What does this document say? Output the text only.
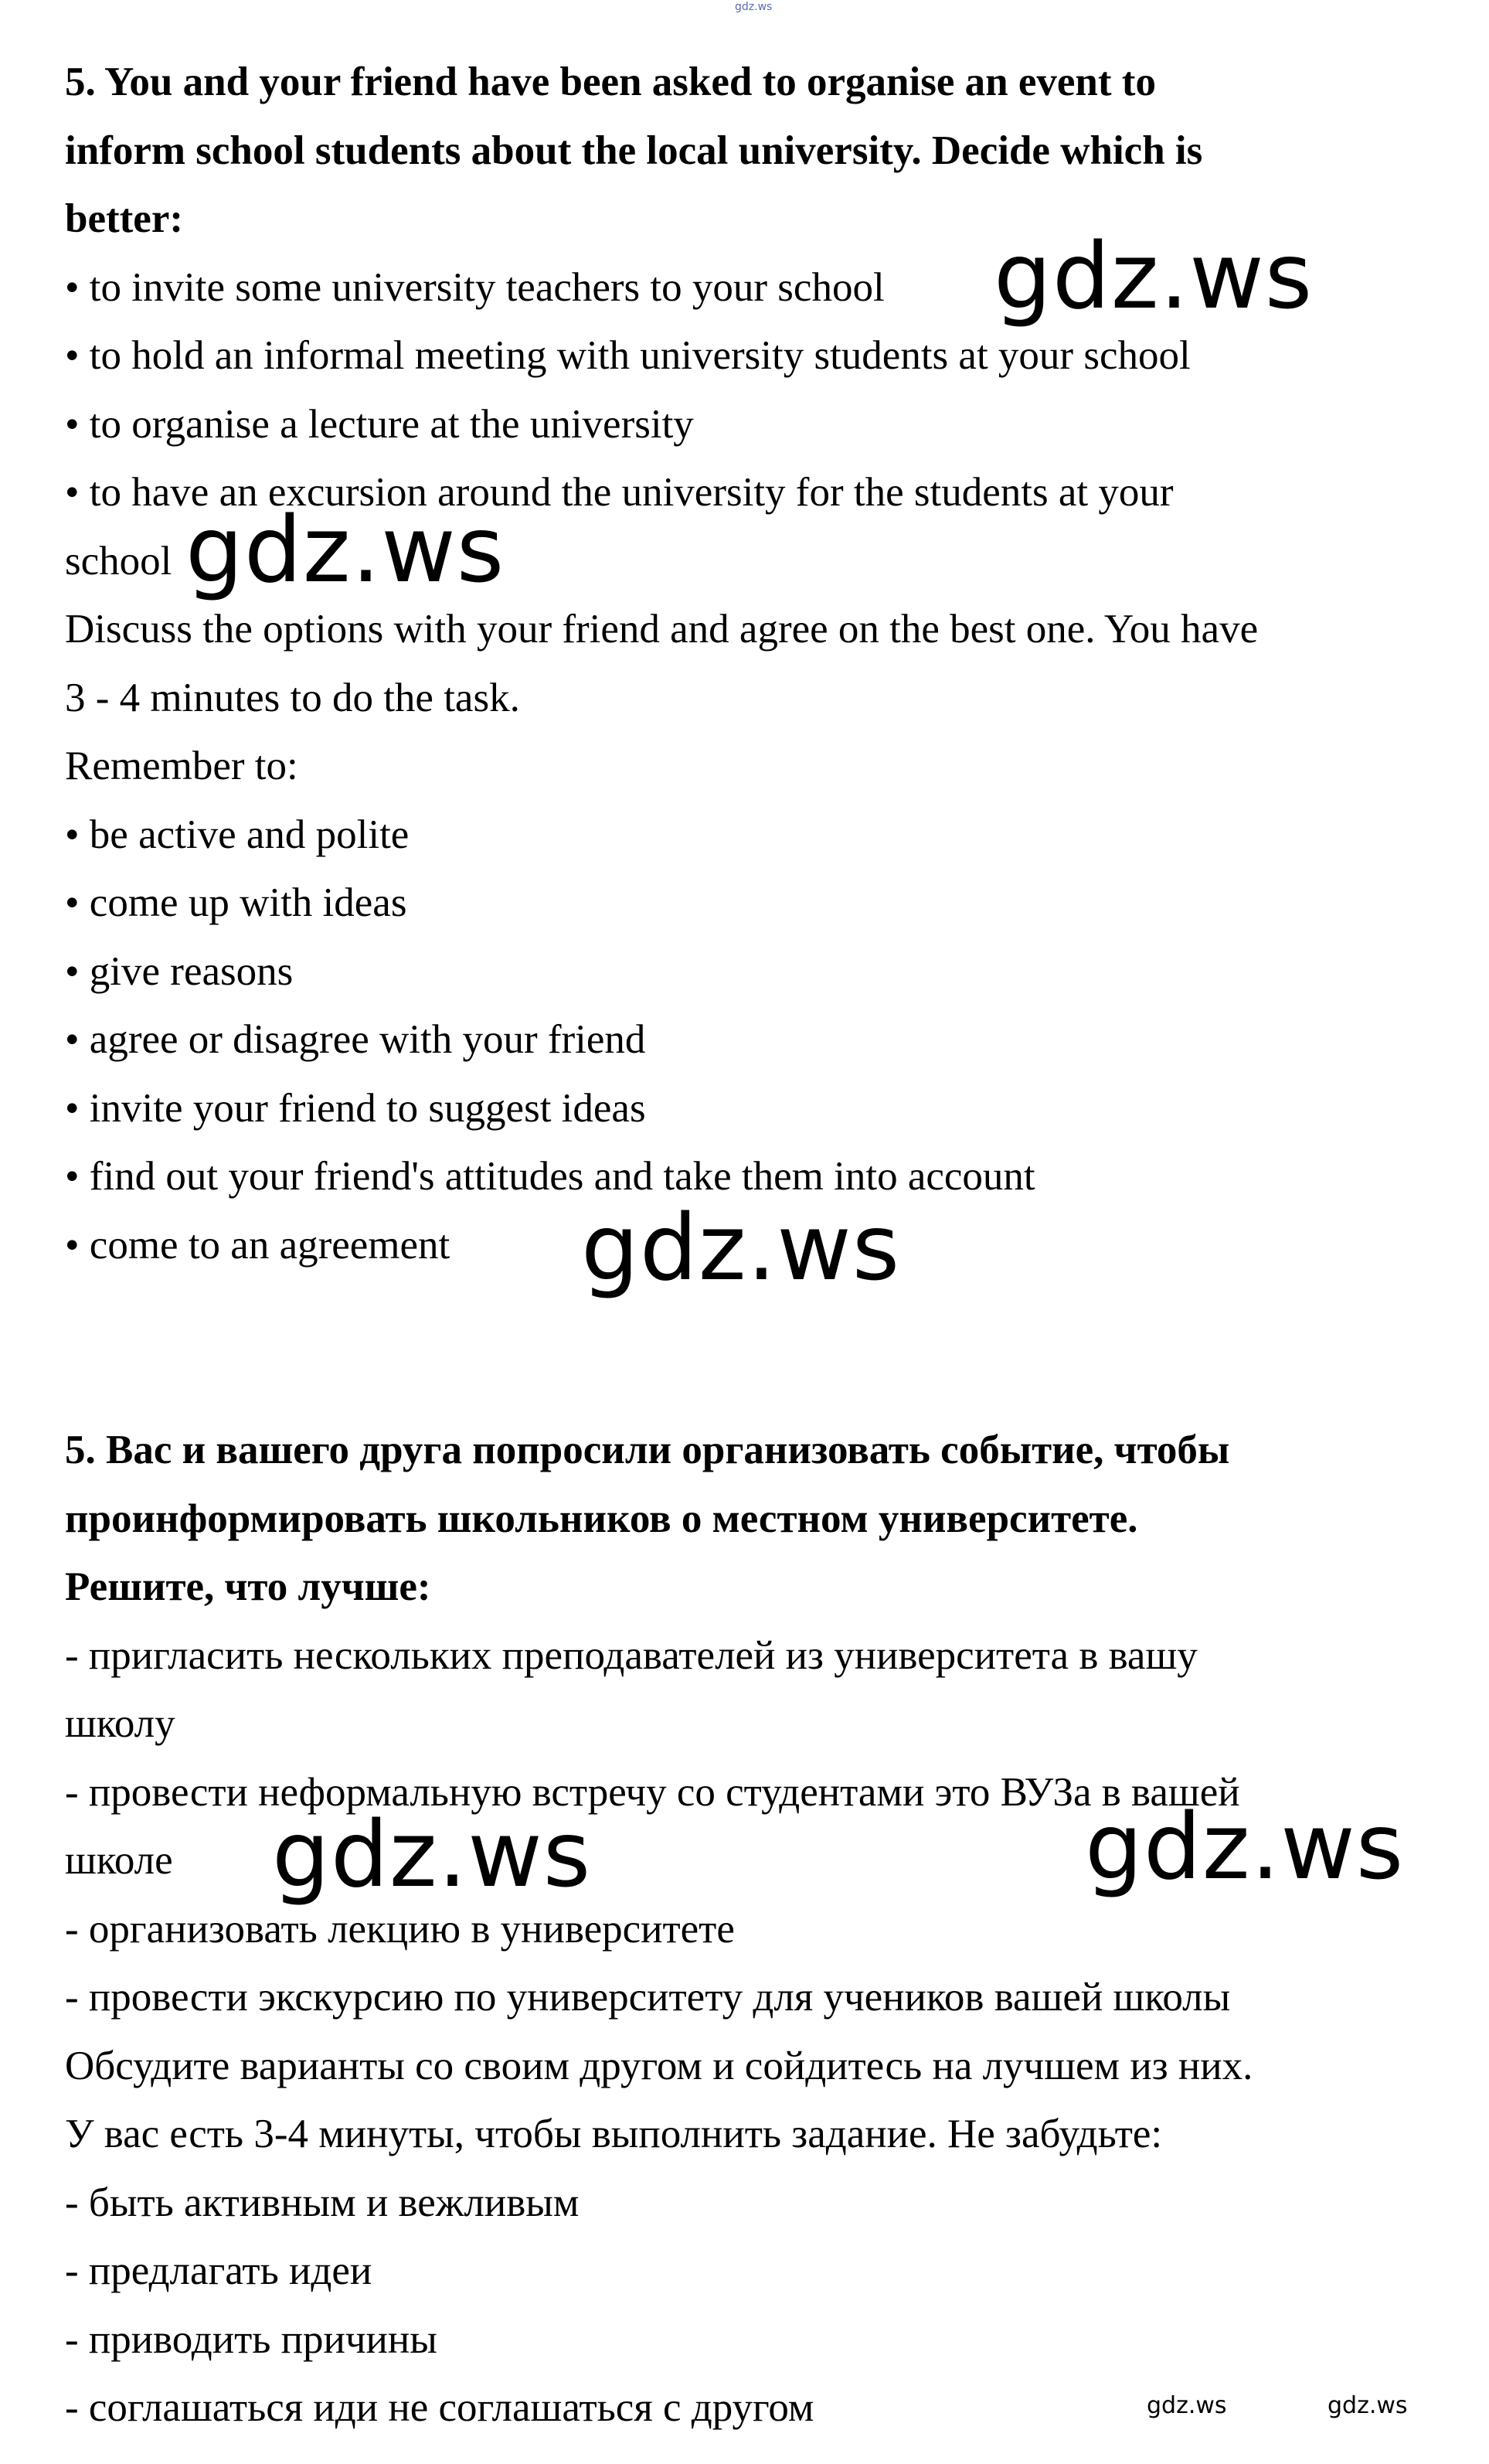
5. You and your friend have been asked to organise an event to
inform school students about the local university. Decide which is
better:
• to invite some university teachers to your school
• to hold an informal meeting with university students at your school
• to organise a lecture at the university
• to have an excursion around the university for the students at your
school
Discuss the options with your friend and agree on the best one. You have
3 - 4 minutes to do the task.
Remember to:
• be active and polite
• come up with ideas
• give reasons
• agree or disagree with your friend
• invite your friend to suggest ideas
• find out your friend's attitudes and take them into account
• come to an agreement
5. Вас и вашего друга попросили организовать событие, чтобы
проинформировать школьников о местном университете.
Решите, что лучше:
- пригласить нескольких преподавателей из университета в вашу
школу
- провести неформальную встречу со студентами это ВУЗа в вашей
школе
- организовать лекцию в университете
- провести экскурсию по университету для учеников вашей школы
Обсудите варианты со своим другом и сойдитесь на лучшем из них.
У вас есть 3-4 минуты, чтобы выполнить задание. Не забудьте:
- быть активным и вежливым
- предлагать идеи
- приводить причины
- соглашаться иди не соглашаться с другом
gdz.ws
gdz.ws
gdz.ws
gdz.ws
gdz.ws	gdz.ws
gdz.ws	gdz.ws
